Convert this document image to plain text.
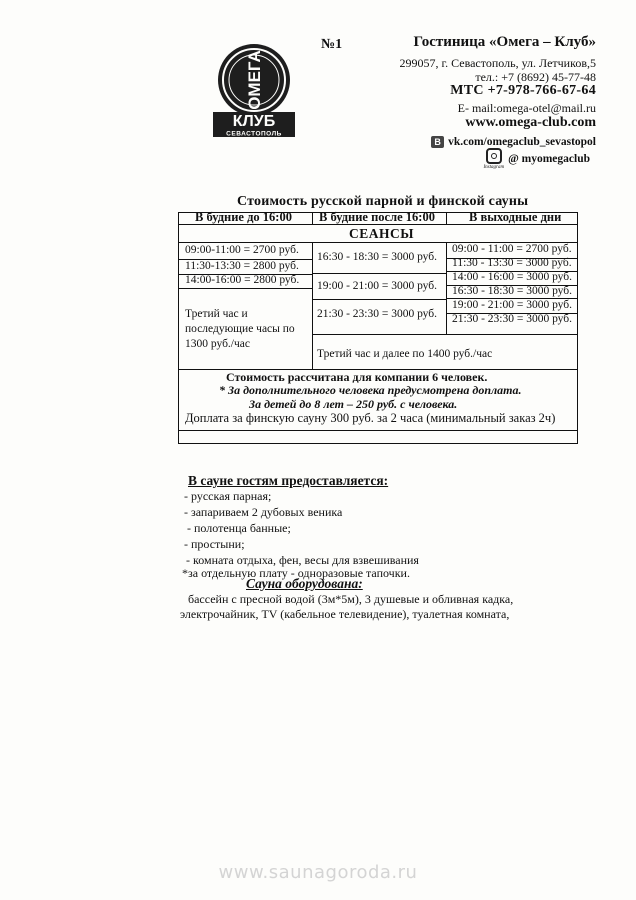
ОМЕГА
КЛУБ
СЕВАСТОПОЛЬ
№1	Гостиница «Омега – Клуб»
299057, г. Севастополь, ул. Летчиков,5
тел.: +7 (8692) 45-77-48
МТС +7-978-766-67-64
E- mail:omega-otel@mail.ru
www.omega-club.com
В vk.com/omegaclub_sevastopol
Instagram
@ myomegaclub
Стоимость русской парной и финской сауны
В будние до 16:00 В будние после 16:00	В выходные дни
СЕАНСЫ
09:00-11:00 = 2700 руб.
11:30-13:30 = 2800 руб.
14:00-16:00 = 2800 руб.
Третий час и
последующие часы по
1300 руб./час
16:30 - 18:30 = 3000 руб.
19:00 - 21:00 = 3000 руб.
21:30 - 23:30 = 3000 руб.
Третий час и далее по 1400 руб./час
09:00 - 11:00 = 2700 руб.
11:30 - 13:30 = 3000 руб.
14:00 - 16:00 = 3000 руб.
16:30 - 18:30 = 3000 руб.
19:00 - 21:00 = 3000 руб.
21:30 - 23:30 = 3000 руб.
Стоимость рассчитана для компании 6 человек.
* За дополнительного человека предусмотрена доплата.
За детей до 8 лет – 250 руб. с человека.
Доплата за финскую сауну 300 руб. за 2 часа (минимальный заказ 2ч)
В сауне гостям предоставляется:
- русская парная;
- запариваем 2 дубовых веника
- полотенца банные;
- простыни;
- комната отдыха, фен, весы для взвешивания
*за отдельную плату - одноразовые тапочки.
Сауна оборудована:
бассейн с пресной водой (3м*5м), 3 душевые и обливная кадка,
электрочайник, TV (кабельное телевидение), туалетная комната,
www.saunagoroda.ru
